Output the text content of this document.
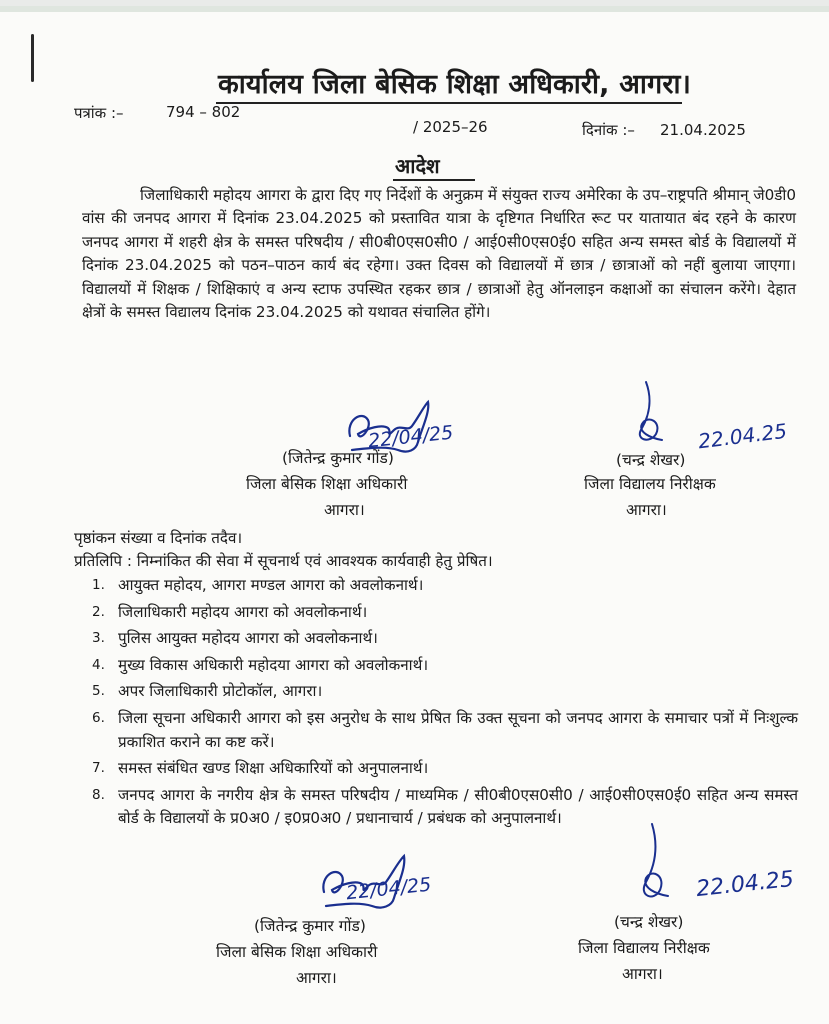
कार्यालय जिला बेसिक शिक्षा अधिकारी, आगरा।
पत्रांक :–	794 – 802
/ 2025–26	दिनांक :– 21.04.2025
आदेश
जिलाधिकारी महोदय आगरा के द्वारा दिए गए निर्देशों के अनुक्रम में संयुक्त राज्य अमेरिका के उप–राष्ट्रपति श्रीमान् जे0डी0 वांस की जनपद आगरा में दिनांक 23.04.2025 को प्रस्तावित यात्रा के दृष्टिगत निर्धारित रूट पर यातायात बंद रहने के कारण जनपद आगरा में शहरी क्षेत्र के समस्त परिषदीय / सी0बी0एस0सी0 / आई0सी0एस0ई0 सहित अन्य समस्त बोर्ड के विद्यालयों में दिनांक 23.04.2025 को पठन–पाठन कार्य बंद रहेगा। उक्त दिवस को विद्यालयों में छात्र / छात्राओं को नहीं बुलाया जाएगा। विद्यालयों में शिक्षक / शिक्षिकाएं व अन्य स्टाफ उपस्थित रहकर छात्र / छात्राओं हेतु ऑनलाइन कक्षाओं का संचालन करेंगे। देहात क्षेत्रों के समस्त विद्यालय दिनांक 23.04.2025 को यथावत संचालित होंगे।
22/04/25
(जितेन्द्र कुमार गोंड)
जिला बेसिक शिक्षा अधिकारी
आगरा।
22.04.25
(चन्द्र शेखर)
जिला विद्यालय निरीक्षक
आगरा।
पृष्ठांकन संख्या व दिनांक तदैव।
प्रतिलिपि : निम्नांकित की सेवा में सूचनार्थ एवं आवश्यक कार्यवाही हेतु प्रेषित।
1. आयुक्त महोदय, आगरा मण्डल आगरा को अवलोकनार्थ।
2. जिलाधिकारी महोदय आगरा को अवलोकनार्थ।
3. पुलिस आयुक्त महोदय आगरा को अवलोकनार्थ।
4. मुख्य विकास अधिकारी महोदया आगरा को अवलोकनार्थ।
5. अपर जिलाधिकारी प्रोटोकॉल, आगरा।
6. जिला सूचना अधिकारी आगरा को इस अनुरोध के साथ प्रेषित कि उक्त सूचना को जनपद आगरा के समाचार पत्रों में निःशुल्क प्रकाशित कराने का कष्ट करें।
7. समस्त संबंधित खण्ड शिक्षा अधिकारियों को अनुपालनार्थ।
8. जनपद आगरा के नगरीय क्षेत्र के समस्त परिषदीय / माध्यमिक / सी0बी0एस0सी0 / आई0सी0एस0ई0 सहित अन्य समस्त बोर्ड के विद्यालयों के प्र0अ0 / इ0प्र0अ0 / प्रधानाचार्य / प्रबंधक को अनुपालनार्थ।
22/04/25
(जितेन्द्र कुमार गोंड)
जिला बेसिक शिक्षा अधिकारी
आगरा।
22.04.25
(चन्द्र शेखर)
जिला विद्यालय निरीक्षक
आगरा।
